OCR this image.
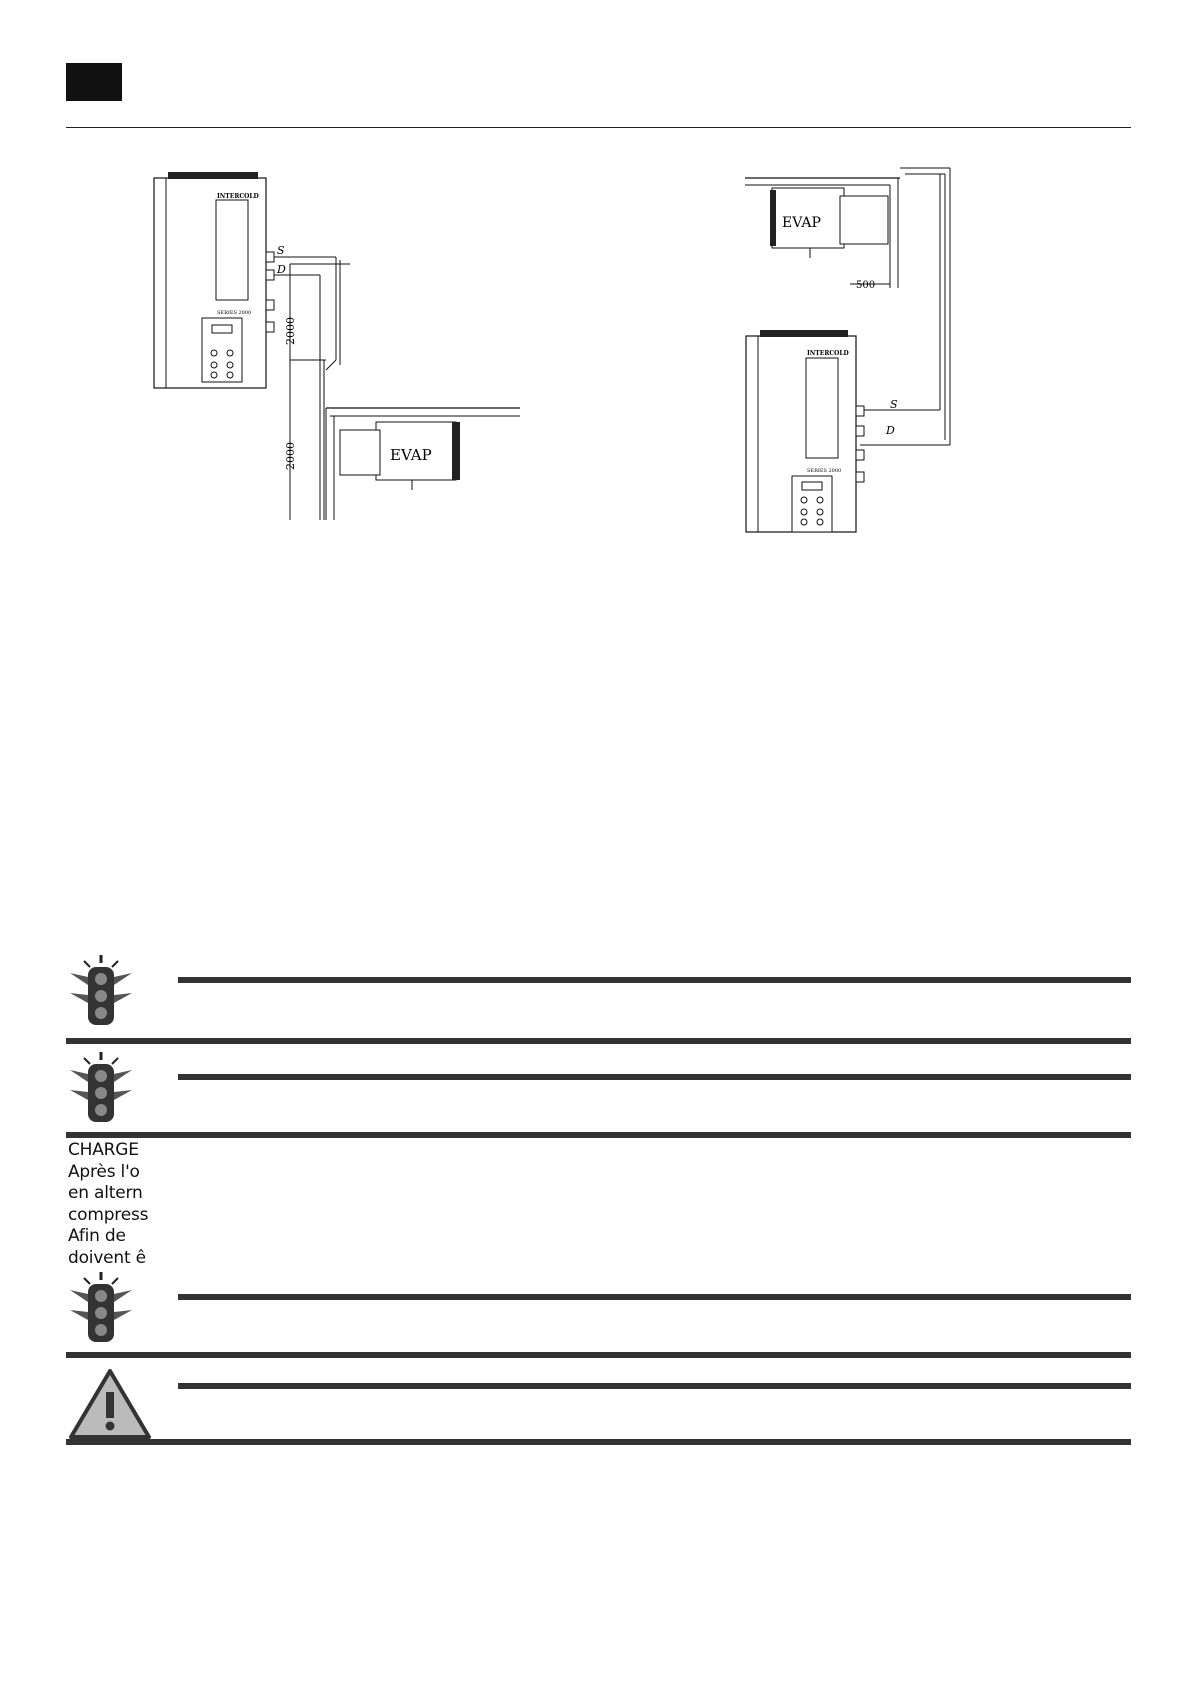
INTERCOLD
SERIES 2000
S
D
2000
2000	EVAP
EVAP
500
INTERCOLD
SERIES 2000
S
D
CHARGE
Après l'o
en altern
compress
Afin de
doivent ê
